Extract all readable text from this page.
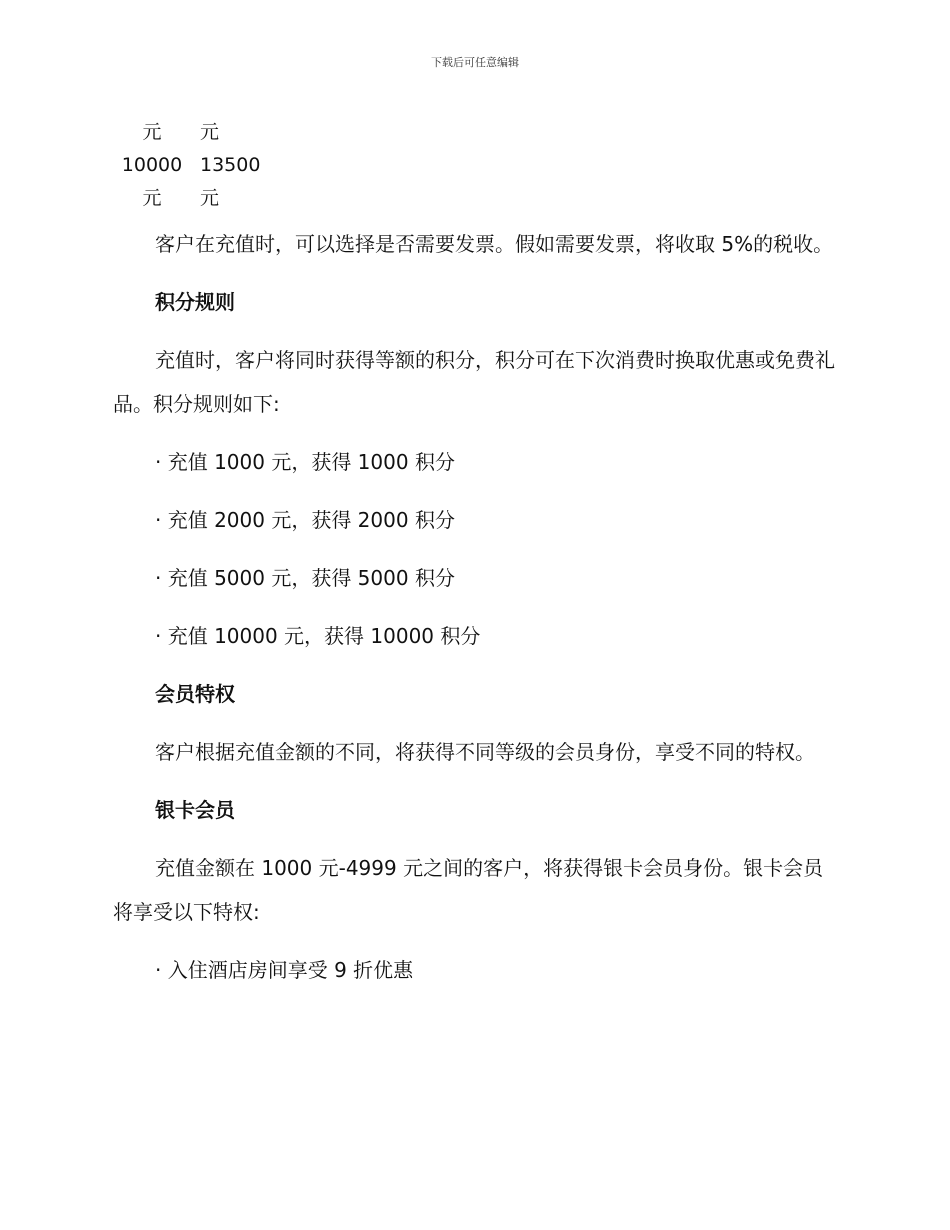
下载后可任意编辑
元	元
10000 13500
元	元

客户在充值时，可以选择是否需要发票。假如需要发票，将收取 5%的税收。

积分规则

充值时，客户将同时获得等额的积分，积分可在下次消费时换取优惠或免费礼品。积分规则如下:

· 充值 1000 元，获得 1000 积分
· 充值 2000 元，获得 2000 积分
· 充值 5000 元，获得 5000 积分
· 充值 10000 元，获得 10000 积分
会员特权

客户根据充值金额的不同，将获得不同等级的会员身份，享受不同的特权。

银卡会员

充值金额在 1000 元-4999 元之间的客户，将获得银卡会员身份。银卡会员将享受以下特权:

· 入住酒店房间享受 9 折优惠
